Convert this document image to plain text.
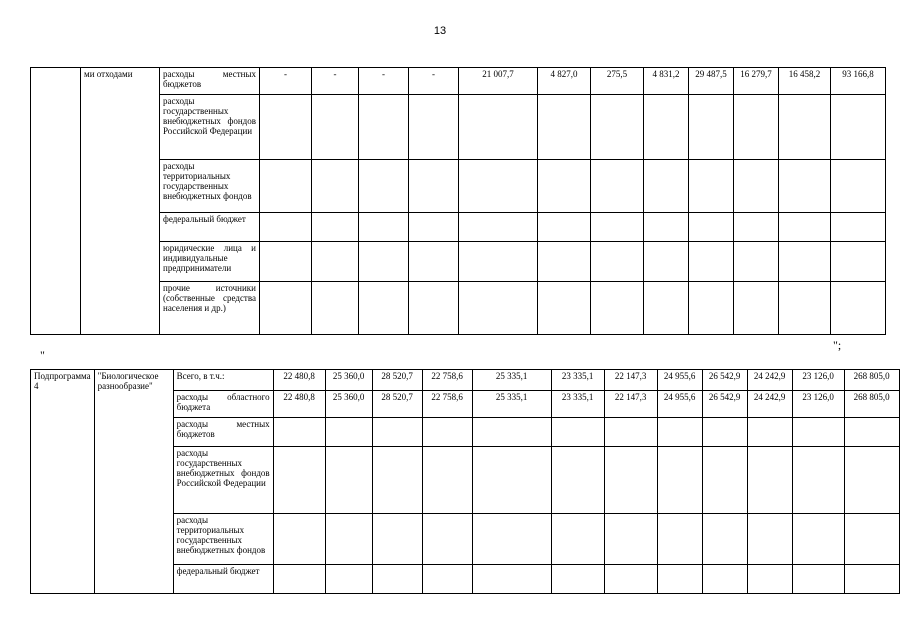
13
	ми отходами	расходы местных бюджетов	-	-	-	-	21 007,7	4 827,0	275,5	4 831,2	29 487,5	16 279,7	16 458,2	93 166,8
		расходы государственных внебюджетных фондов Российской Федерации												
		расходы территориальных государственных внебюджетных фондов												
		федеральный бюджет												
		юридические лица и индивидуальные предприниматели												
		прочие источники (собственные средства населения и др.)												
";
"
Подпрограмма 4	"Биологическое разнообразие"	Всего, в т.ч.:	22 480,8	25 360,0	28 520,7	22 758,6	25 335,1	23 335,1	22 147,3	24 955,6	26 542,9	24 242,9	23 126,0	268 805,0
		расходы областного бюджета	22 480,8	25 360,0	28 520,7	22 758,6	25 335,1	23 335,1	22 147,3	24 955,6	26 542,9	24 242,9	23 126,0	268 805,0
		расходы местных бюджетов												
		расходы государственных внебюджетных фондов Российской Федерации												
		расходы территориальных государственных внебюджетных фондов												
		федеральный бюджет												
